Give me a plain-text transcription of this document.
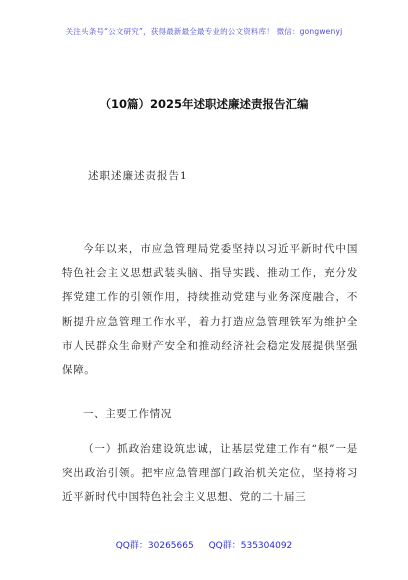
关注头条号“公文研究”，获得最新最全最专业的公文资料库！ 微信：gongwenyj
（10篇）2025年述职述廉述责报告汇编
述职述廉述责报告1
今年以来，市应急管理局党委坚持以习近平新时代中国特色社会主义思想武装头脑、指导实践、推动工作，充分发挥党建工作的引领作用，持续推动党建与业务深度融合，不断提升应急管理工作水平，着力打造应急管理铁军为维护全市人民群众生命财产安全和推动经济社会稳定发展提供坚强保障。
一、主要工作情况
（一）抓政治建设筑忠诚，让基层党建工作有“根”一是突出政治引领。把牢应急管理部门政治机关定位，坚持将习近平新时代中国特色社会主义思想、党的二十届三
QQ群：30265665 QQ群：535304092
